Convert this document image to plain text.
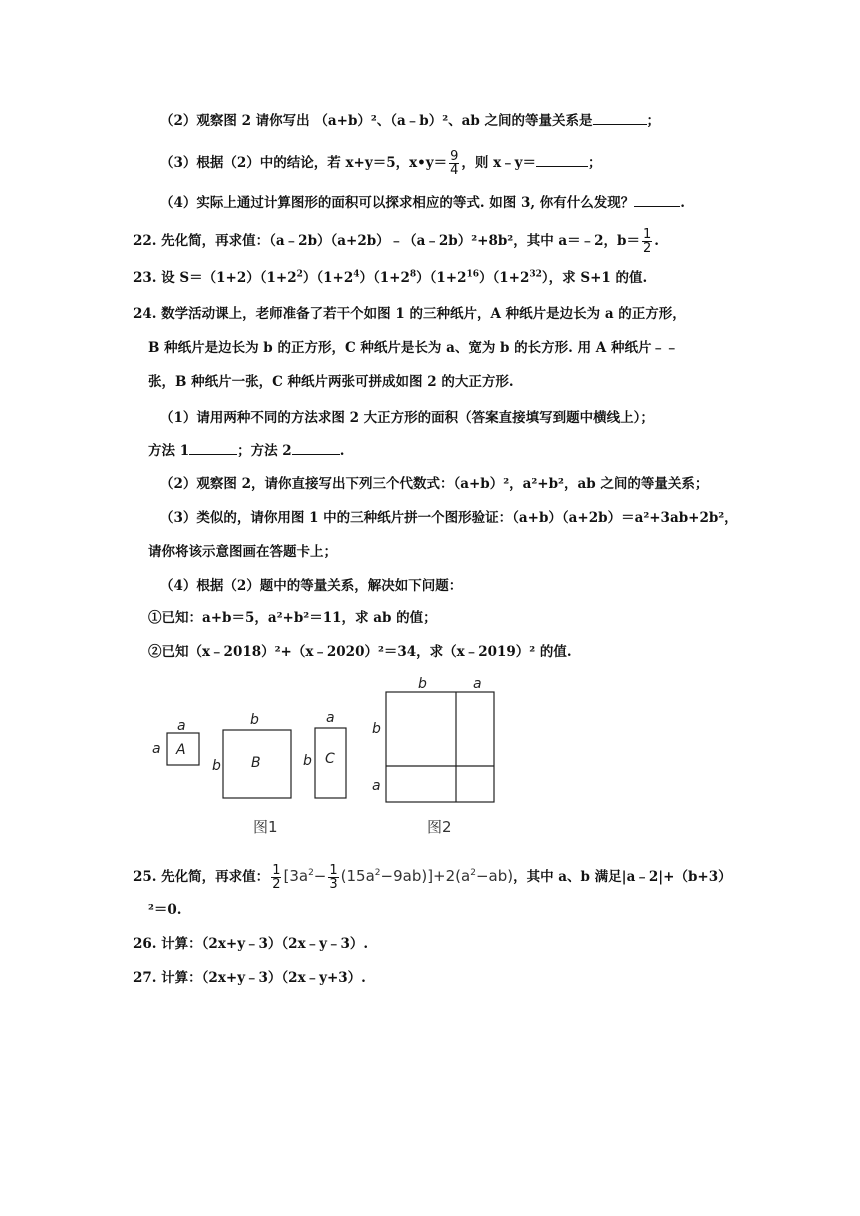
（2）观察图 2 请你写出 （a+b）²、（a﹣b）²、ab 之间的等量关系是	；
（3）根据（2）中的结论，若 x+y＝5，x•y＝ $\frac{9}{4}$ ，则 x﹣y＝	；
（4）实际上通过计算图形的面积可以探求相应的等式. 如图 3, 你有什么发现？	.
22. 先化简，再求值：（a﹣2b）（a+2b）﹣（a﹣2b）²+8b²，其中 a＝﹣2，$b= \frac{1}{2}$ .
23. 设 $S=(1+2)(1+2^2)(1+2^4)(1+2^8)(1+2^{16})(1+2^{32})$，求 S+1 的值.
24. 数学活动课上，老师准备了若干个如图 1 的三种纸片，A 种纸片是边长为 a 的正方形，
B 种纸片是边长为 b 的正方形，C 种纸片是长为 a、宽为 b 的长方形. 用 A 种纸片﹣﹣
张，B 种纸片一张，C 种纸片两张可拼成如图 2 的大正方形.
（1）请用两种不同的方法求图 2 大正方形的面积（答案直接填写到题中横线上）；
方法 1	；方法 2	.
（2）观察图 2，请你直接写出下列三个代数式：（a+b）²，a²+b²，ab 之间的等量关系；
（3）类似的，请你用图 1 中的三种纸片拼一个图形验证：（a+b）（a+2b）＝a²+3ab+2b²，
请你将该示意图画在答题卡上；
（4）根据（2）题中的等量关系，解决如下问题：
①已知：a+b＝5，a²+b²＝11，求 ab 的值；
②已知（x﹣2018）²+（x﹣2020）²＝34，求（x﹣2019）² 的值.
a
a A
b
b B
a
b C
图1
b	a
b
a
图2
25. 先化简，再求值： $\frac{1}{2} [3a^2- \frac{1}{3} (15a^2-9ab)]+2(a^2-ab)$，其中 a、b 满足|a﹣2|+（b+3）
²＝0.
26. 计算：（2x+y﹣3）（2x﹣y﹣3）.
27. 计算：（2x+y﹣3）（2x﹣y+3）.
